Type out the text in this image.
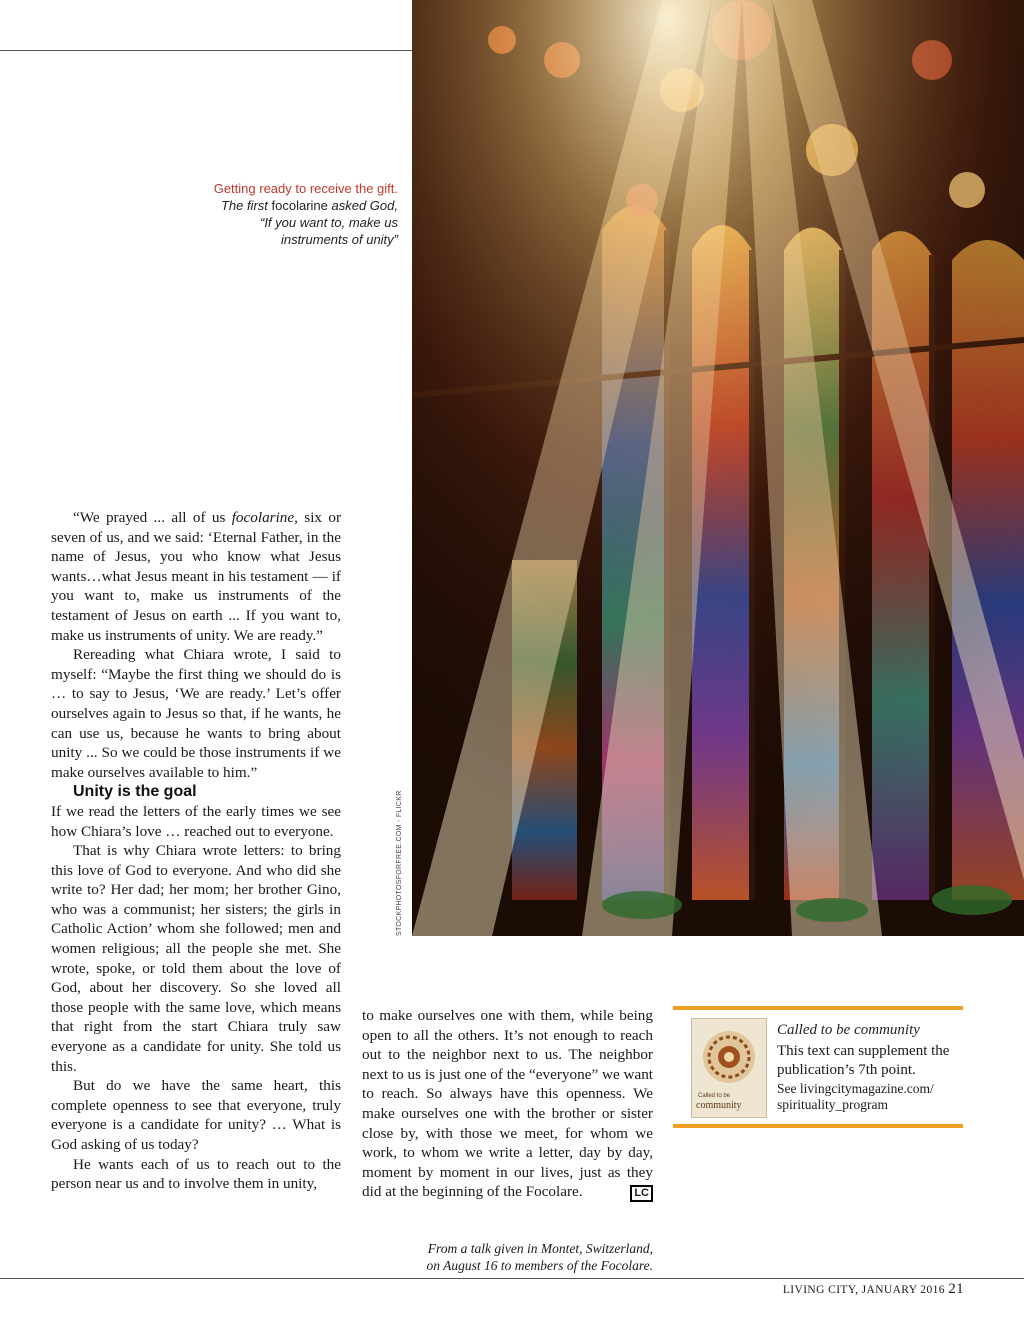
Getting ready to receive the gift.
The first focolarine asked God,
“If you want to, make us
instruments of unity”
STOCKPHOTOSFORFREE.COM - FLICKR

“We prayed ... all of us focolarine, six or seven of us, and we said: ‘Eternal Father, in the name of Jesus, you who know what Jesus wants…what Jesus meant in his testament — if you want to, make us instruments of the testament of Jesus on earth ... If you want to, make us instruments of unity. We are ready.”

Rereading what Chiara wrote, I said to myself: “Maybe the first thing we should do is … to say to Jesus, ‘We are ready.’ Let’s offer ourselves again to Jesus so that, if he wants, he can use us, because he wants to bring about unity ... So we could be those instruments if we make ourselves available to him.”

Unity is the goal

If we read the letters of the early times we see how Chiara’s love … reached out to everyone.

That is why Chiara wrote letters: to bring this love of God to everyone. And who did she write to? Her dad; her mom; her brother Gino, who was a communist; her sisters; the girls in Catholic Action’ whom she followed; men and women religious; all the people she met. She wrote, spoke, or told them about the love of God, about her discovery. So she loved all those people with the same love, which means that right from the start Chiara truly saw everyone as a candidate for unity. She told us this.

But do we have the same heart, this complete openness to see that everyone, truly everyone is a candidate for unity? … What is God asking of us today?

He wants each of us to reach out to the person near us and to involve them in unity,

to make ourselves one with them, while being open to all the others. It’s not enough to reach out to the neighbor next to us. The neighbor next to us is just one of the “everyone” we want to reach. So always have this openness. We make ourselves one with the brother or sister close by, with those we meet, for whom we work, to whom we write a letter, day by day, moment by moment in our lives, just as they did at the beginning of the Focolare.	LC

From a talk given in Montet, Switzerland,
on August 16 to members of the Focolare.
Called to be
community
Called to be community
This text can supplement the publication’s 7th point.
See livingcitymagazine.com/ spirituality_program
LIVING CITY, JANUARY 2016 21
